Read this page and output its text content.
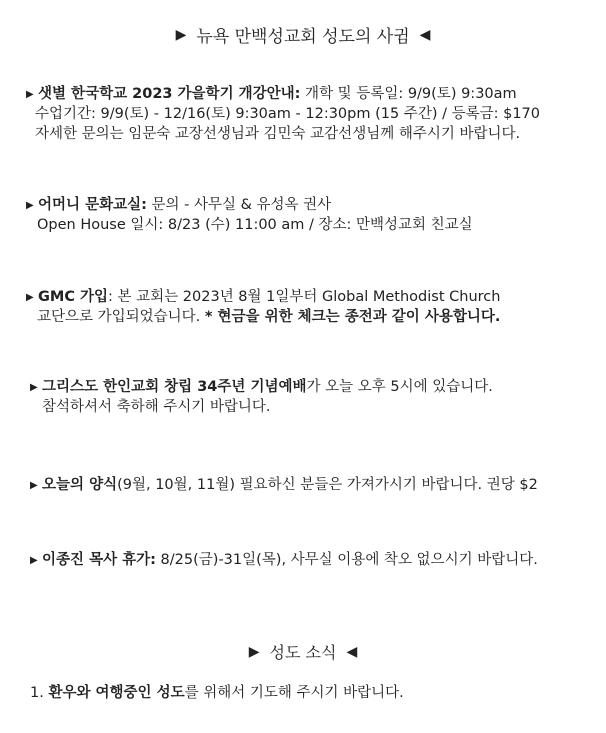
▶ 뉴욕 만백성교회 성도의 사귐 ◀
▶ 샛별 한국학교 2023 가을학기 개강안내: 개학 및 등록일: 9/9(토) 9:30am
수업기간: 9/9(토) - 12/16(토) 9:30am - 12:30pm (15 주간) / 등록금: $170
자세한 문의는 임문숙 교장선생님과 김민숙 교감선생님께 해주시기 바랍니다.
▶ 어머니 문화교실: 문의 - 사무실 & 유성옥 권사
Open House 일시: 8/23 (수) 11:00 am / 장소: 만백성교회 친교실
▶ GMC 가입: 본 교회는 2023년 8월 1일부터 Global Methodist Church
교단으로 가입되었습니다. * 현금을 위한 체크는 종전과 같이 사용합니다.
▶ 그리스도 한인교회 창립 34주년 기념예배가 오늘 오후 5시에 있습니다.
참석하셔서 축하해 주시기 바랍니다.
▶ 오늘의 양식(9월, 10월, 11월) 필요하신 분들은 가져가시기 바랍니다. 권당 $2
▶ 이종진 목사 휴가: 8/25(금)-31일(목), 사무실 이용에 착오 없으시기 바랍니다.
▶ 성도 소식 ◀
1. 환우와 여행중인 성도를 위해서 기도해 주시기 바랍니다.
